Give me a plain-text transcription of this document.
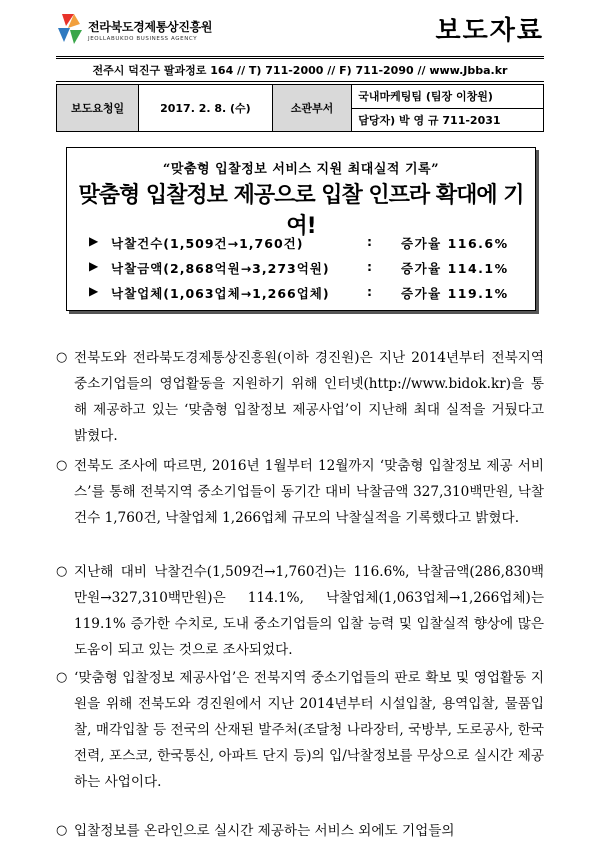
전라북도경제통상진흥원
JEOLLABUKDO BUSINESS AGENCY	보도자료
전주시 덕진구 팔과정로 164 // T) 711-2000 // F) 711-2090 // www.Jbba.kr
보도요청일	2017. 2. 8. (수)	소관부서	국내마케팅팀 (팀장 이창원)
담당자) 박 영 규 711-2031
“맞춤형 입찰정보 서비스 지원 최대실적 기록”
맞춤형 입찰정보 제공으로 입찰 인프라 확대에 기여!
▶ 낙찰건수(1,509건→1,760건)	: 증가율 116.6%
▶ 낙찰금액(2,868억원→3,273억원)	: 증가율 114.1%
▶ 낙찰업체(1,063업체→1,266업체)	: 증가율 119.1%
○ 전북도와 전라북도경제통상진흥원(이하 경진원)은 지난 2014년부터 전북지역 중소기업들의 영업활동을 지원하기 위해 인터넷(http://www.bidok.kr)을 통해 제공하고 있는 ‘맞춤형 입찰정보 제공사업’이 지난해 최대 실적을 거뒀다고 밝혔다.
○ 전북도 조사에 따르면, 2016년 1월부터 12월까지 ‘맞춤형 입찰정보 제공 서비스’를 통해 전북지역 중소기업들이 동기간 대비 낙찰금액 327,310백만원, 낙찰건수 1,760건, 낙찰업체 1,266업체 규모의 낙찰실적을 기록했다고 밝혔다.
○ 지난해 대비 낙찰건수(1,509건→1,760건)는 116.6%, 낙찰금액(286,830백만원→327,310백만원)은 114.1%, 낙찰업체(1,063업체→1,266업체)는 119.1% 증가한 수치로, 도내 중소기업들의 입찰 능력 및 입찰실적 향상에 많은 도움이 되고 있는 것으로 조사되었다.
○ ‘맞춤형 입찰정보 제공사업’은 전북지역 중소기업들의 판로 확보 및 영업활동 지원을 위해 전북도와 경진원에서 지난 2014년부터 시설입찰, 용역입찰, 물품입찰, 매각입찰 등 전국의 산재된 발주처(조달청 나라장터, 국방부, 도로공사, 한국전력, 포스코, 한국통신, 아파트 단지 등)의 입/낙찰정보를 무상으로 실시간 제공하는 사업이다.
○ 입찰정보를 온라인으로 실시간 제공하는 서비스 외에도 기업들의
